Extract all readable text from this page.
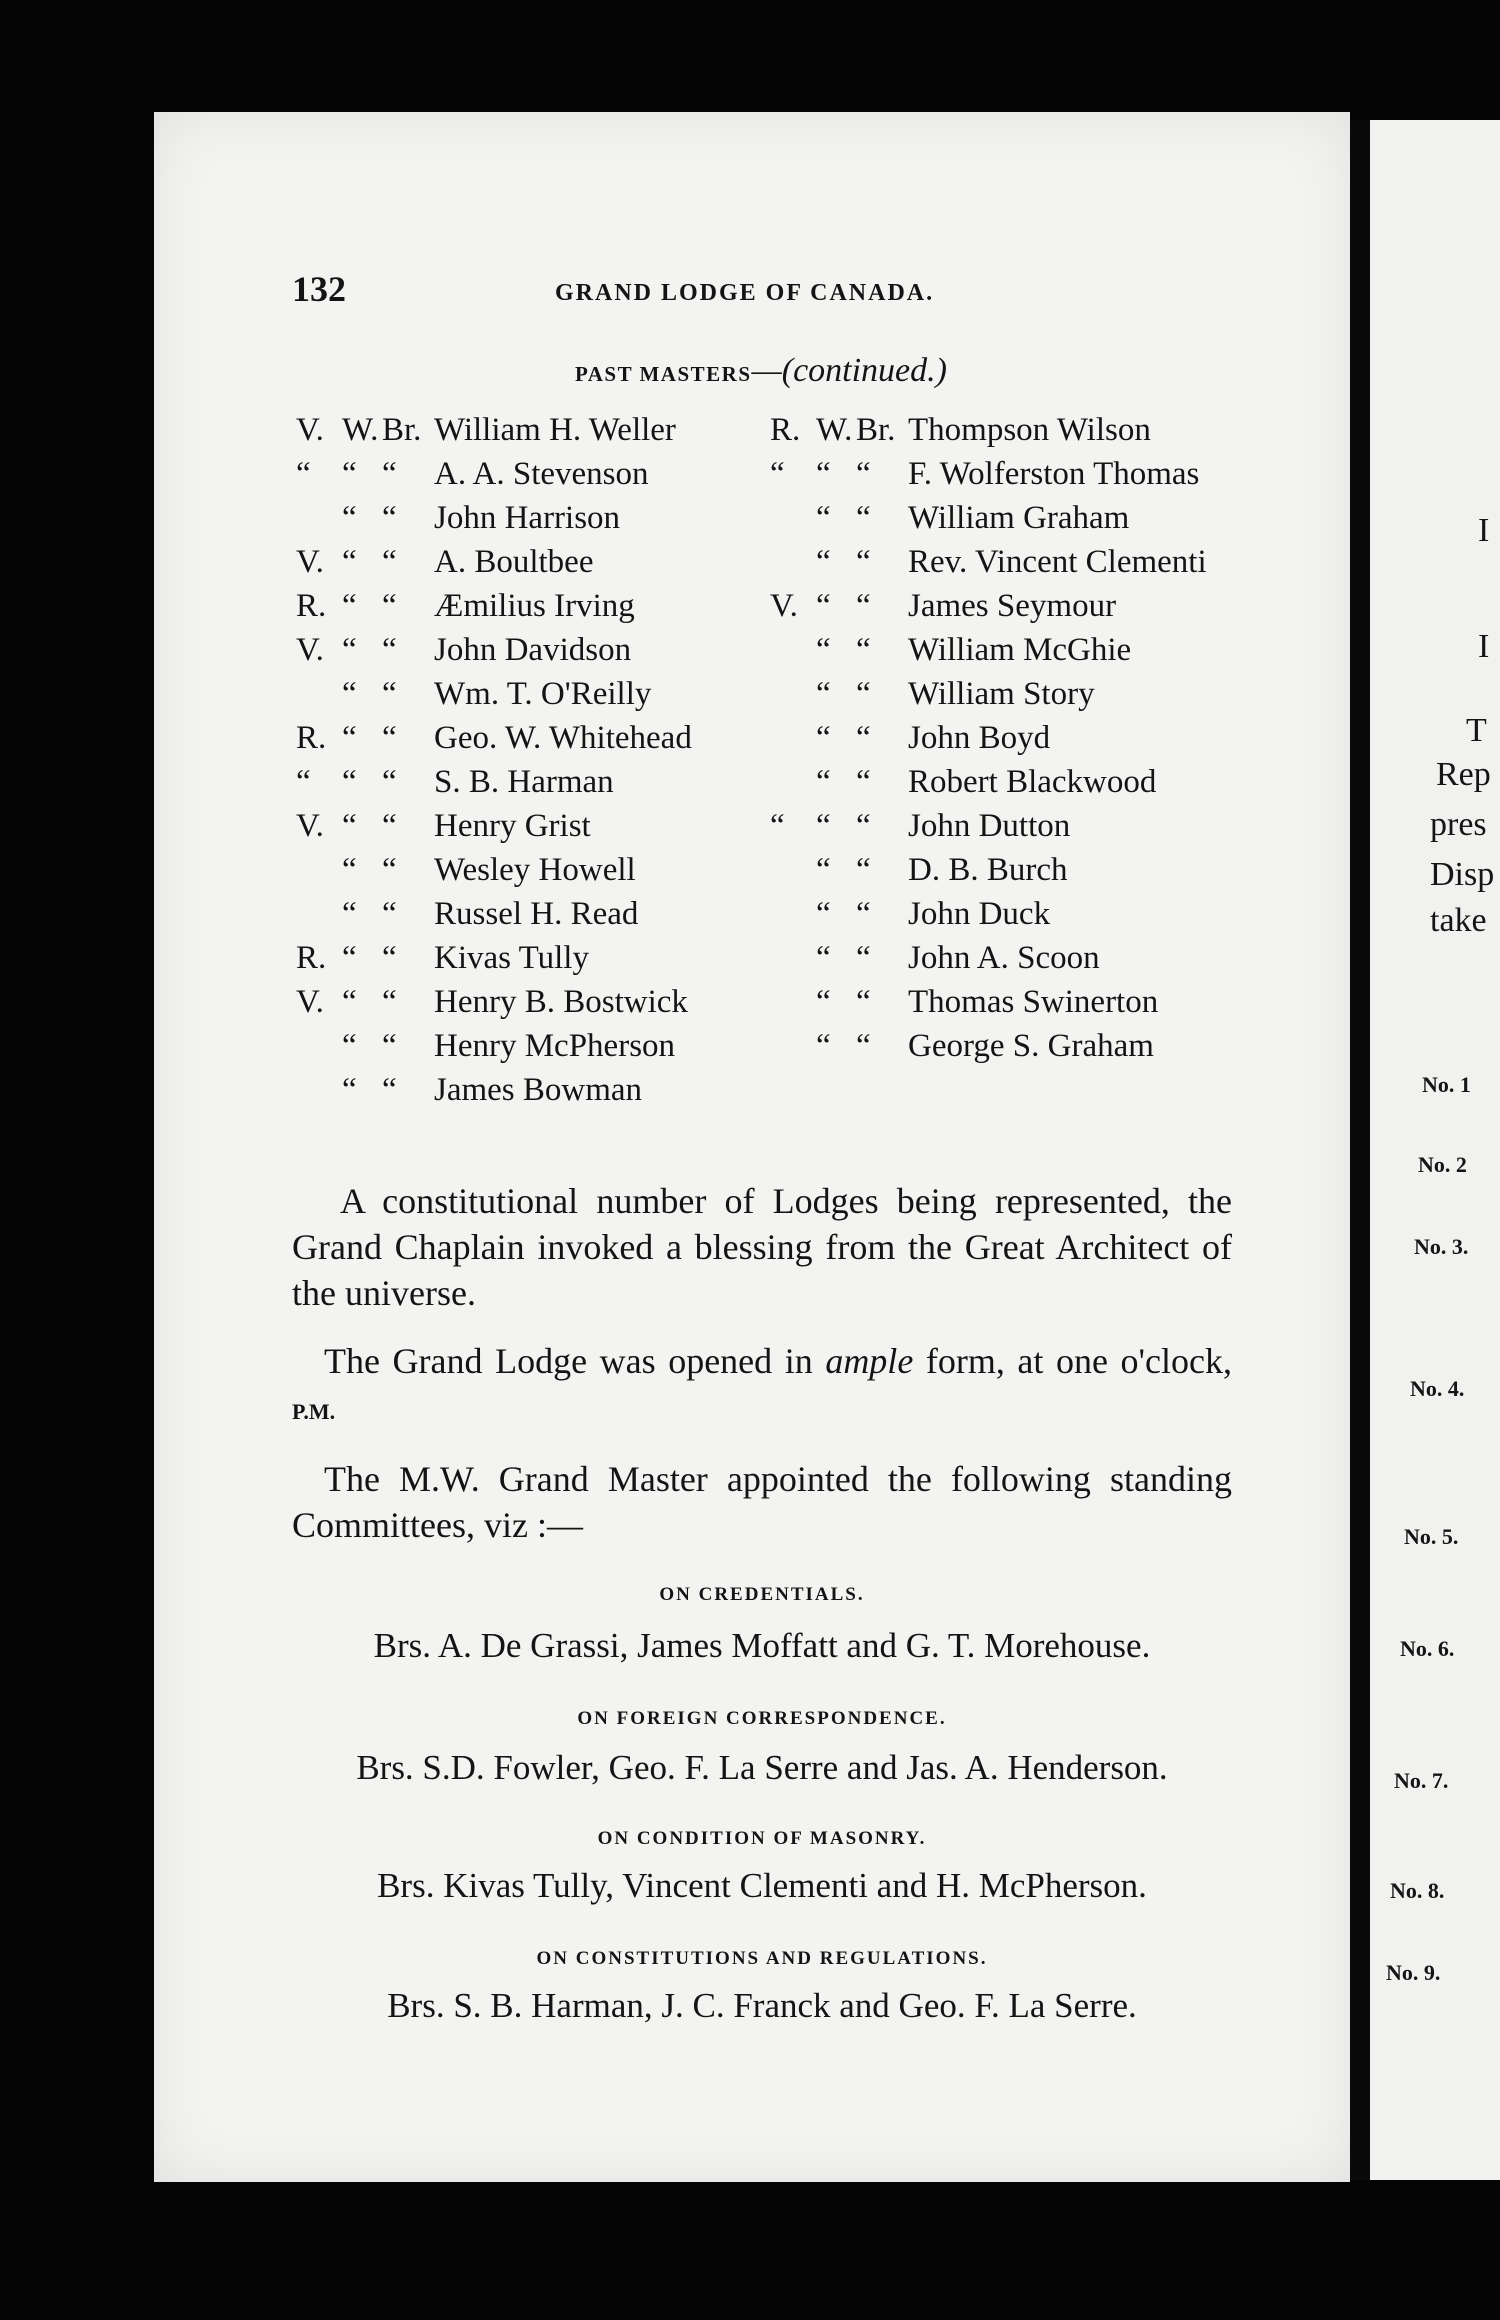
132	GRAND LODGE OF CANADA.
PAST MASTERS—(continued.)
V. W. Br. William H. Weller
“ “ “ A. A. Stevenson
“ “ John Harrison
V. “ “ A. Boultbee
R. “ “ Æmilius Irving
V. “ “ John Davidson
“ “ Wm. T. O'Reilly
R. “ “ Geo. W. Whitehead
“ “ “ S. B. Harman
V. “ “ Henry Grist
“ “ Wesley Howell
“ “ Russel H. Read
R. “ “ Kivas Tully
V. “ “ Henry B. Bostwick
“ “ Henry McPherson
“ “ James Bowman
R. W. Br. Thompson Wilson
“ “ “ F. Wolferston Thomas
“ “ William Graham
“ “ Rev. Vincent Clementi
V. “ “ James Seymour
“ “ William McGhie
“ “ William Story
“ “ John Boyd
“ “ Robert Blackwood
“ “ “ John Dutton
“ “ D. B. Burch
“ “ John Duck
“ “ John A. Scoon
“ “ Thomas Swinerton
“ “ George S. Graham
A constitutional number of Lodges being represented, the Grand Chaplain invoked a blessing from the Great Architect of the universe.
The Grand Lodge was opened in ample form, at one o'clock, P.M.
The M.W. Grand Master appointed the following standing Committees, viz :—
ON CREDENTIALS.
Brs. A. De Grassi, James Moffatt and G. T. Morehouse.
ON FOREIGN CORRESPONDENCE.
Brs. S.D. Fowler, Geo. F. La Serre and Jas. A. Henderson.
ON CONDITION OF MASONRY.
Brs. Kivas Tully, Vincent Clementi and H. McPherson.
ON CONSTITUTIONS AND REGULATIONS.
Brs. S. B. Harman, J. C. Franck and Geo. F. La Serre.
I
I
T
Rep
pres
Disp
take
No. 1
No. 2
No. 3.
No. 4.
No. 5.
No. 6.
No. 7.
No. 8.
No. 9.
